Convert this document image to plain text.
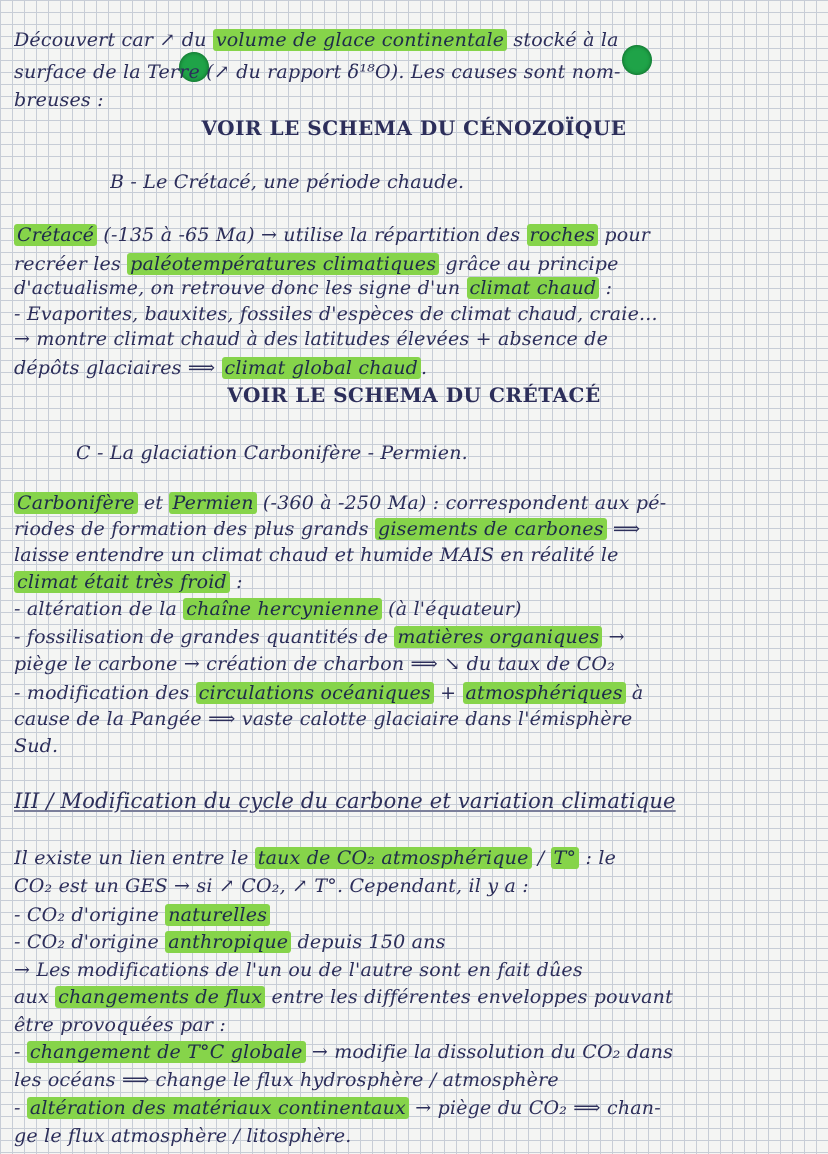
Découvert car ↗ du volume de glace continentale stocké à la
surface de la Terre (↗ du rapport δ¹⁸O). Les causes sont nom-
breuses :
VOIR LE SCHEMA DU CÉNOZOÏQUE
B - Le Crétacé, une période chaude.
Crétacé (-135 à -65 Ma) → utilise la répartition des roches pour
recréer les paléotempératures climatiques grâce au principe
d'actualisme, on retrouve donc les signe d'un climat chaud :
- Evaporites, bauxites, fossiles d'espèces de climat chaud, craie...
→ montre climat chaud à des latitudes élevées + absence de
dépôts glaciaires ⟹ climat global chaud .
VOIR LE SCHEMA DU CRÉTACÉ
C - La glaciation Carbonifère - Permien.
Carbonifère et Permien (-360 à -250 Ma) : correspondent aux pé-
riodes de formation des plus grands gisements de carbones ⟹
laisse entendre un climat chaud et humide MAIS en réalité le
climat était très froid :
- altération de la chaîne hercynienne (à l'équateur)
- fossilisation de grandes quantités de matières organiques →
piège le carbone → création de charbon ⟹ ↘ du taux de CO₂
- modification des circulations océaniques + atmosphériques à
cause de la Pangée ⟹ vaste calotte glaciaire dans l'émisphère
Sud.
III / Modification du cycle du carbone et variation climatique
Il existe un lien entre le taux de CO₂ atmosphérique / T° : le
CO₂ est un GES → si ↗ CO₂, ↗ T°. Cependant, il y a :
- CO₂ d'origine naturelles
- CO₂ d'origine anthropique depuis 150 ans
→ Les modifications de l'un ou de l'autre sont en fait dûes
aux changements de flux entre les différentes enveloppes pouvant
être provoquées par :
- changement de T°C globale → modifie la dissolution du CO₂ dans
les océans ⟹ change le flux hydrosphère / atmosphère
- altération des matériaux continentaux → piège du CO₂ ⟹ chan-
ge le flux atmosphère / litosphère.
